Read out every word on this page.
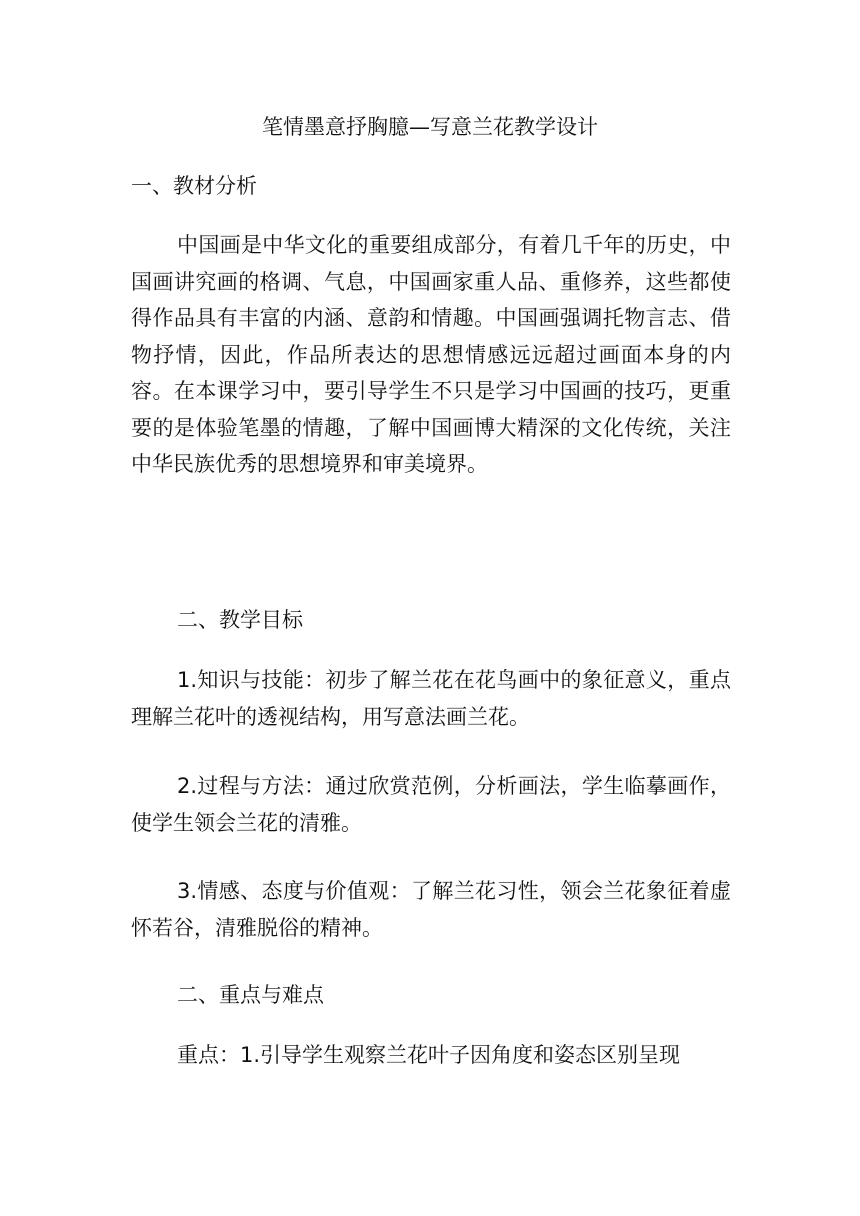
笔情墨意抒胸臆—写意兰花教学设计

一、教材分析

中国画是中华文化的重要组成部分，有着几千年的历史，中国画讲究画的格调、气息，中国画家重人品、重修养，这些都使得作品具有丰富的内涵、意韵和情趣。中国画强调托物言志、借物抒情，因此，作品所表达的思想情感远远超过画面本身的内容。在本课学习中，要引导学生不只是学习中国画的技巧，更重要的是体验笔墨的情趣，了解中国画博大精深的文化传统，关注中华民族优秀的思想境界和审美境界。

二、教学目标

1.知识与技能：初步了解兰花在花鸟画中的象征意义，重点理解兰花叶的透视结构，用写意法画兰花。

2.过程与方法：通过欣赏范例，分析画法，学生临摹画作，使学生领会兰花的清雅。

3.情感、态度与价值观：了解兰花习性，领会兰花象征着虚怀若谷，清雅脱俗的精神。

二、重点与难点

重点：1.引导学生观察兰花叶子因角度和姿态区别呈现
